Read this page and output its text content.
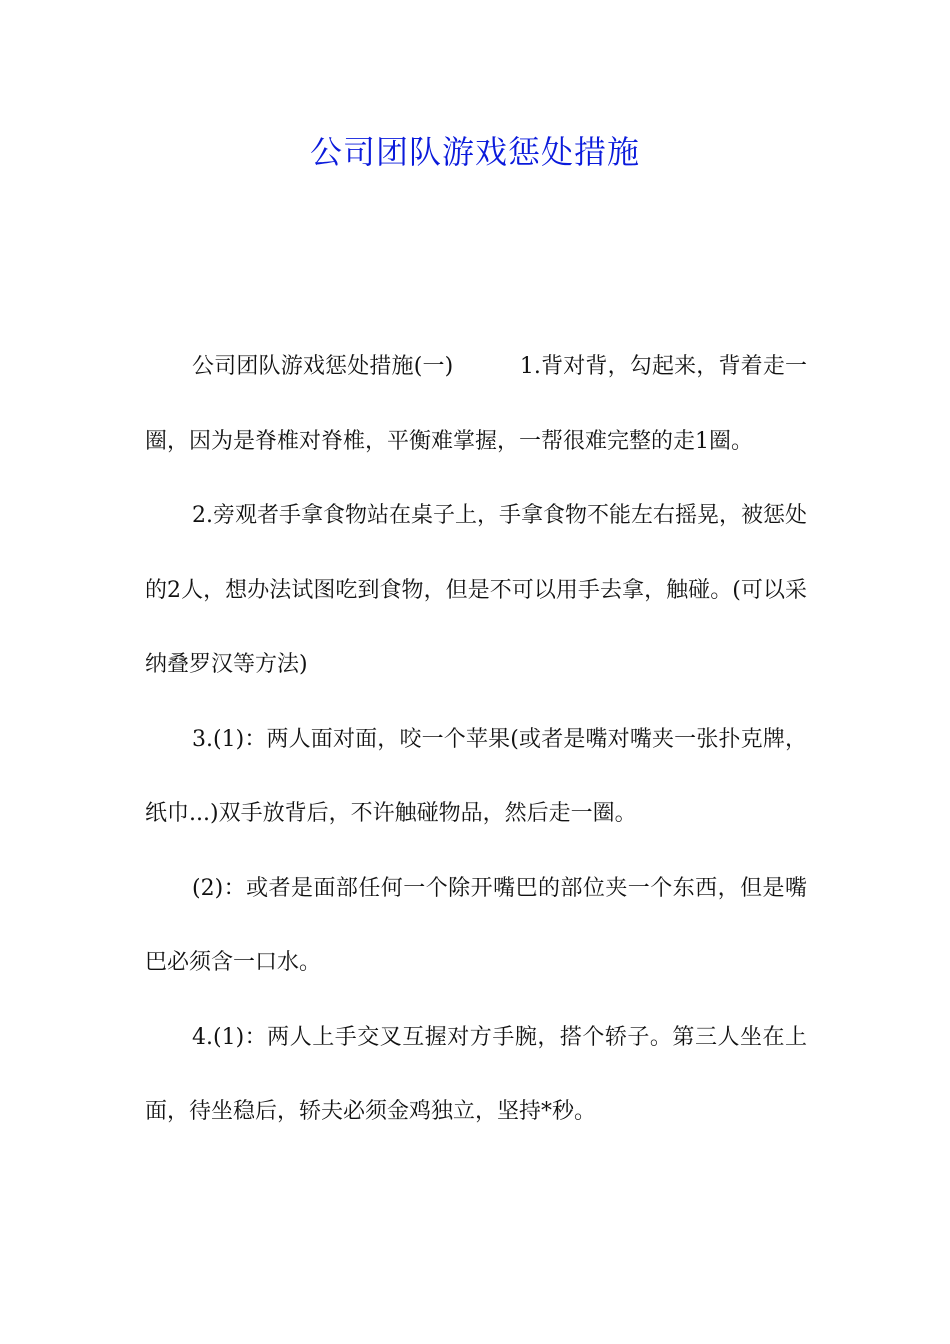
公司团队游戏惩处措施

公司团队游戏惩处措施(一)　　　1.背对背，勾起来，背着走一圈，因为是脊椎对脊椎，平衡难掌握，一帮很难完整的走1圈。

2.旁观者手拿食物站在桌子上，手拿食物不能左右摇晃，被惩处的2人，想办法试图吃到食物，但是不可以用手去拿，触碰。(可以采纳叠罗汉等方法)

3.(1)：两人面对面，咬一个苹果(或者是嘴对嘴夹一张扑克牌，纸巾...)双手放背后，不许触碰物品，然后走一圈。

(2)：或者是面部任何一个除开嘴巴的部位夹一个东西，但是嘴巴必须含一口水。

4.(1)：两人上手交叉互握对方手腕，搭个轿子。第三人坐在上面，待坐稳后，轿夫必须金鸡独立，坚持*秒。
